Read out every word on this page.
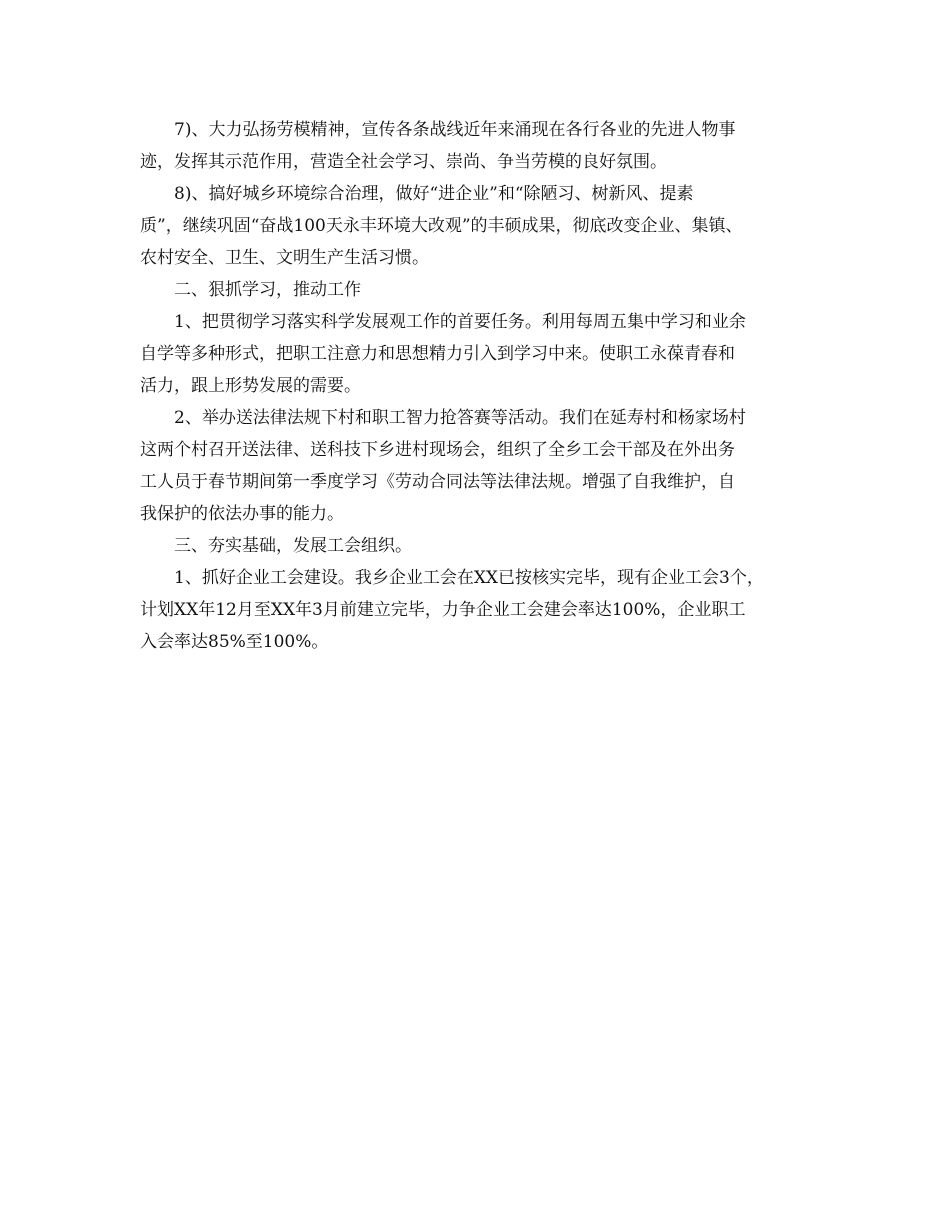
7)、大力弘扬劳模精神，宣传各条战线近年来涌现在各行各业的先进人物事
迹，发挥其示范作用，营造全社会学习、崇尚、争当劳模的良好氛围。
8)、搞好城乡环境综合治理，做好“进企业”和“除陋习、树新风、提素
质”，继续巩固“奋战100天永丰环境大改观”的丰硕成果，彻底改变企业、集镇、
农村安全、卫生、文明生产生活习惯。
二、狠抓学习，推动工作
1、把贯彻学习落实科学发展观工作的首要任务。利用每周五集中学习和业余
自学等多种形式，把职工注意力和思想精力引入到学习中来。使职工永葆青春和
活力，跟上形势发展的需要。
2、举办送法律法规下村和职工智力抢答赛等活动。我们在延寿村和杨家场村
这两个村召开送法律、送科技下乡进村现场会，组织了全乡工会干部及在外出务
工人员于春节期间第一季度学习《劳动合同法等法律法规。增强了自我维护，自
我保护的依法办事的能力。
三、夯实基础，发展工会组织。
1、抓好企业工会建设。我乡企业工会在XX已按核实完毕，现有企业工会3个，
计划XX年12月至XX年3月前建立完毕，力争企业工会建会率达100%，企业职工
入会率达85%至100%。
